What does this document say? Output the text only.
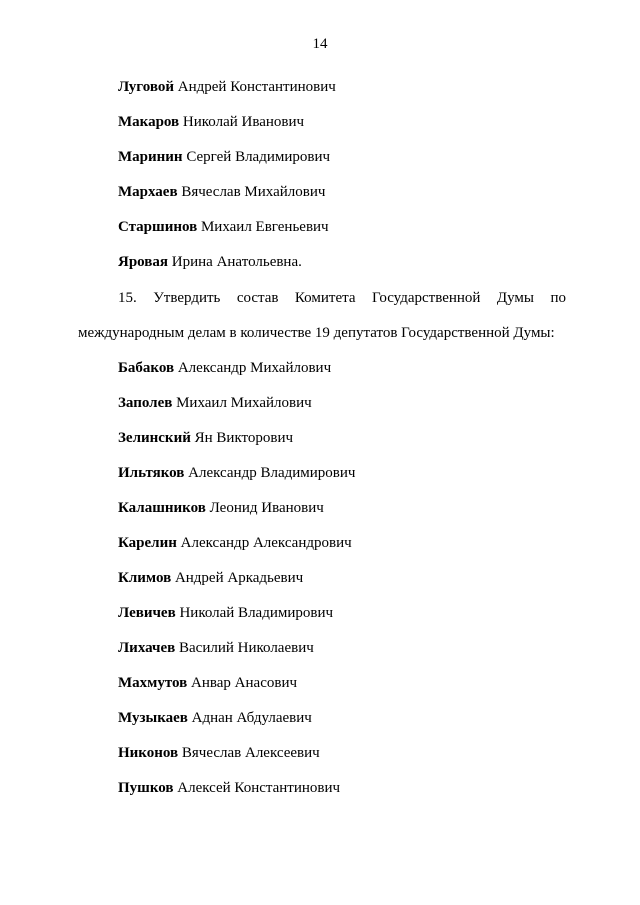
14
Луговой Андрей Константинович
Макаров Николай Иванович
Маринин Сергей Владимирович
Мархаев Вячеслав Михайлович
Старшинов Михаил Евгеньевич
Яровая Ирина Анатольевна.
15. Утвердить состав Комитета Государственной Думы по
международным делам в количестве 19 депутатов Государственной Думы:
Бабаков Александр Михайлович
Заполев Михаил Михайлович
Зелинский Ян Викторович
Ильтяков Александр Владимирович
Калашников Леонид Иванович
Карелин Александр Александрович
Климов Андрей Аркадьевич
Левичев Николай Владимирович
Лихачев Василий Николаевич
Махмутов Анвар Анасович
Музыкаев Аднан Абдулаевич
Никонов Вячеслав Алексеевич
Пушков Алексей Константинович
